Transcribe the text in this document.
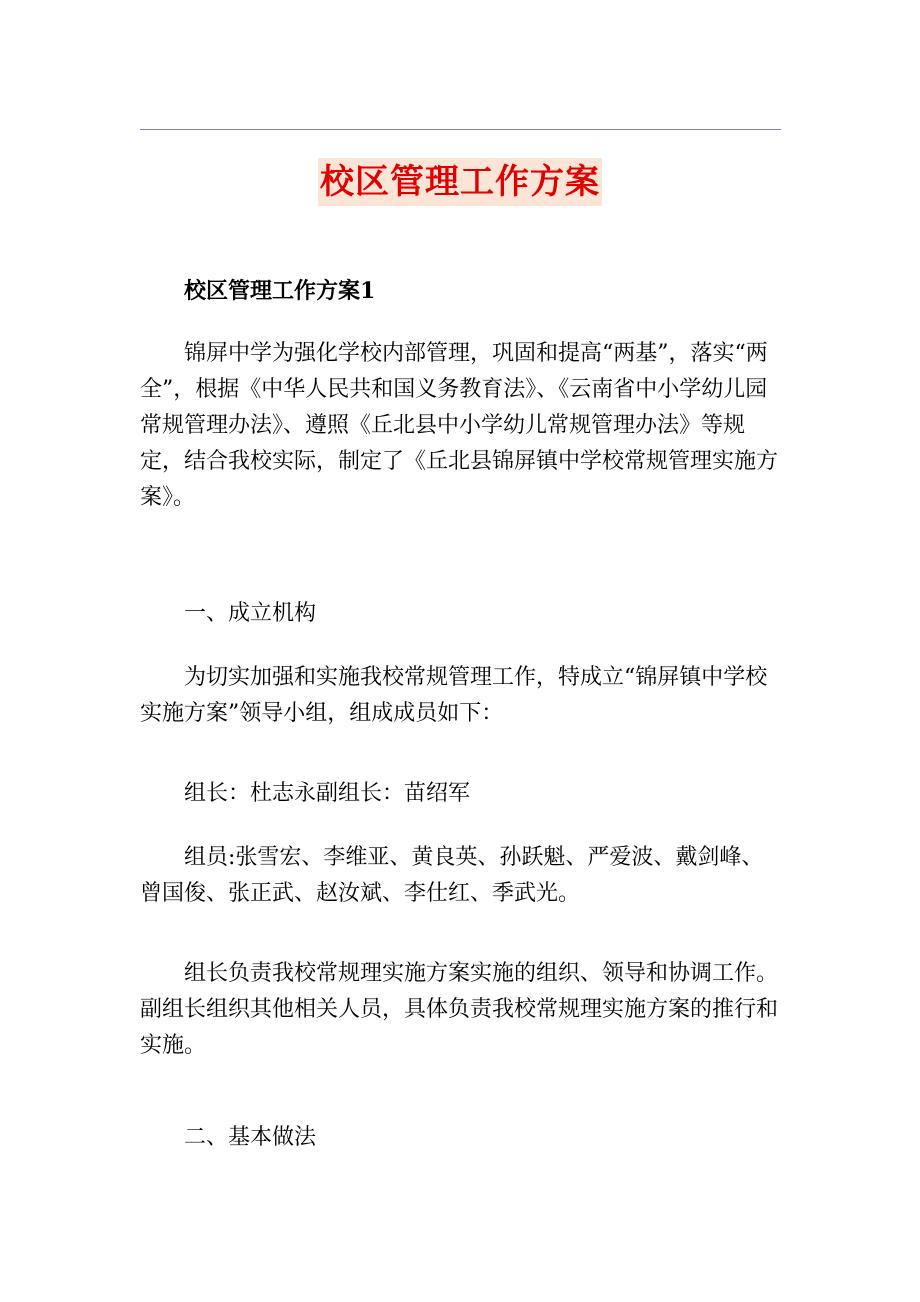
校区管理工作方案

校区管理工作方案1

锦屏中学为强化学校内部管理，巩固和提高“两基”，落实“两全”，根据《中华人民共和国义务教育法》、《云南省中小学幼儿园常规管理办法》、遵照《丘北县中小学幼儿常规管理办法》等规定，结合我校实际，制定了《丘北县锦屏镇中学校常规管理实施方案》。

一、成立机构

为切实加强和实施我校常规管理工作，特成立“锦屏镇中学校实施方案”领导小组，组成成员如下：

组长：杜志永副组长：苗绍军

组员:张雪宏、李维亚、黄良英、孙跃魁、严爱波、戴剑峰、曾国俊、张正武、赵汝斌、李仕红、季武光。

组长负责我校常规理实施方案实施的组织、领导和协调工作。副组长组织其他相关人员，具体负责我校常规理实施方案的推行和实施。

二、基本做法
